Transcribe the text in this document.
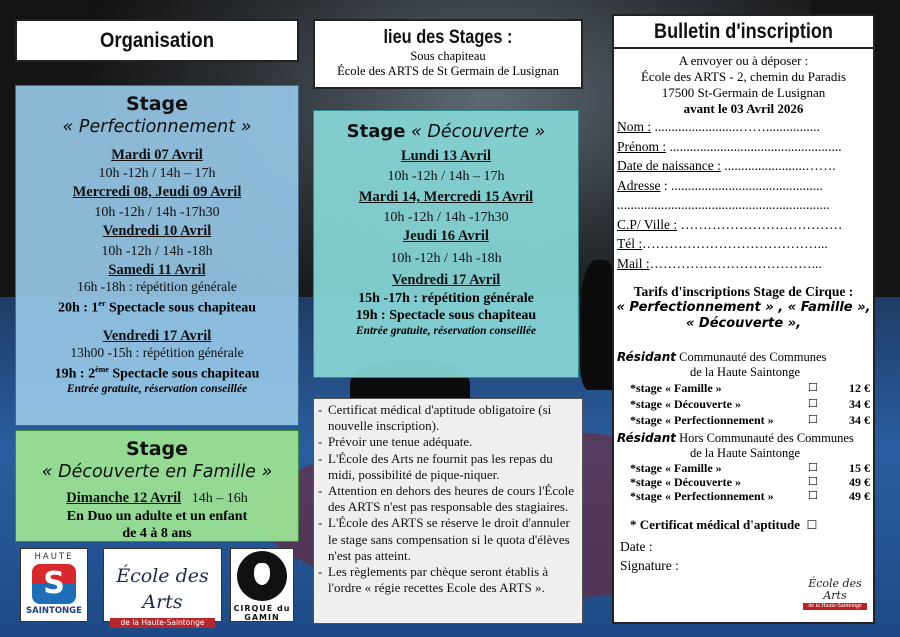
Organisation	lieu des Stages :
Sous chapiteau
École des ARTS de St Germain de Lusignan
Stage
« Perfectionnement »
Mardi 07 Avril
10h -12h / 14h – 17h
Mercredi 08, Jeudi 09 Avril
10h -12h / 14h -17h30
Vendredi 10 Avril
10h -12h / 14h -18h
Samedi 11 Avril
16h -18h : répétition générale
20h : 1er Spectacle sous chapiteau
Vendredi 17 Avril
13h00 -15h : répétition générale
19h : 2ème Spectacle sous chapiteau
Entrée gratuite, réservation conseillée
Stage « Découverte »
Lundi 13 Avril
10h -12h / 14h – 17h
Mardi 14, Mercredi 15 Avril
10h -12h / 14h -17h30
Jeudi 16 Avril
10h -12h / 14h -18h
Vendredi 17 Avril
15h -17h : répétition générale
19h : Spectacle sous chapiteau
Entrée gratuite, réservation conseillée
Stage
« Découverte en Famille »
Dimanche 12 Avril 14h – 16h
En Duo un adulte et un enfant
de 4 à 8 ans
- Certificat médical d'aptitude obligatoire (si nouvelle inscription).
- Prévoir une tenue adéquate.
- L'École des Arts ne fournit pas les repas du midi, possibilité de pique-niquer.
- Attention en dehors des heures de cours l'École des ARTS n'est pas responsable des stagiaires.
- L'École des ARTS se réserve le droit d'annuler le stage sans compensation si le quota d'élèves n'est pas atteint.
- Les règlements par chèque seront établis à l'ordre « régie recettes Ecole des ARTS ».
Bulletin d'inscription
A envoyer ou à déposer :
École des ARTS - 2, chemin du Paradis
17500 St-Germain de Lusignan
avant le 03 Avril 2026
Nom : .........................……................
Prénom : ...................................................
Date de naissance : ........................…….
Adresse : .............................................
...............................................................
C.P/ Ville : ………………………………
Tél :…………………………………...
Mail :………………………………...
Tarifs d'inscriptions Stage de Cirque :
« Perfectionnement » , « Famille »,
« Découverte »,
Résidant Communauté des Communes
de la Haute Saintonge
*stage « Famille »	☐	12 €
*stage « Découverte »	☐	34 €
*stage « Perfectionnement »	☐	34 €
Résidant Hors Communauté des Communes
de la Haute Saintonge
*stage « Famille »	☐	15 €
*stage « Découverte »	☐	49 €
*stage « Perfectionnement »	☐	49 €
* Certificat médical d'aptitude ☐
Date :
Signature :
École des Arts
de la Haute-Saintonge
HAUTE
S
SAINTONGE
École des Arts
de la Haute-Saintonge
CIRQUE du GAMIN
